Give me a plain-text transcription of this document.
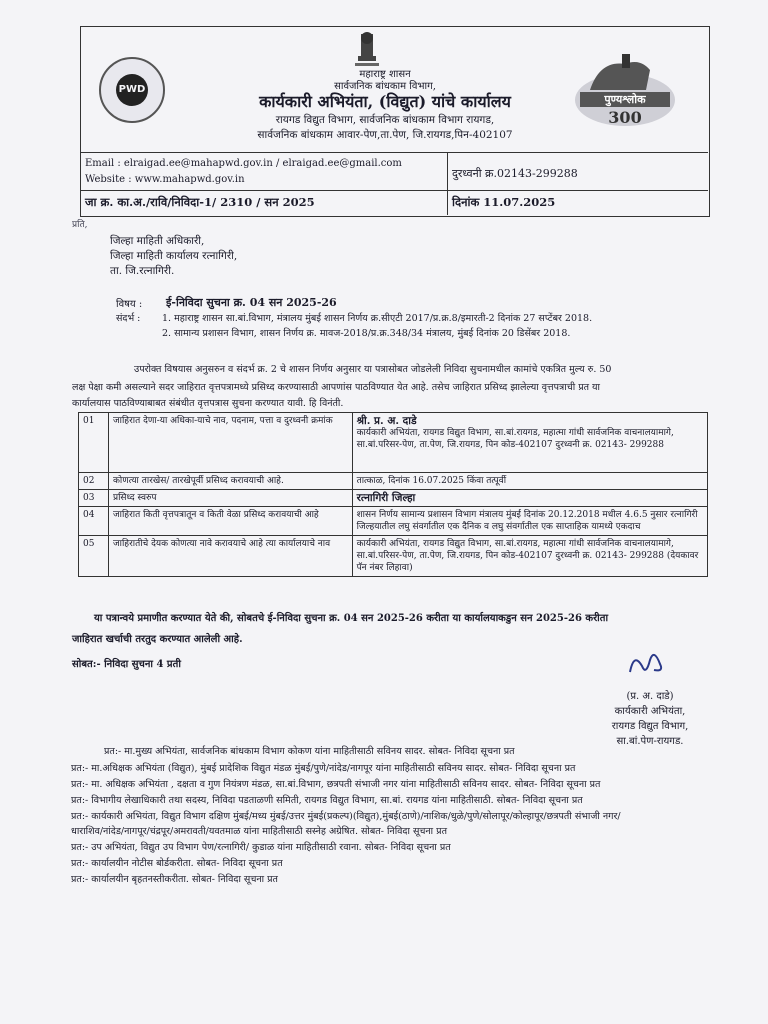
PWD
महाराष्ट्र शासन
सार्वजनिक बांधकाम विभाग,
कार्यकारी अभियंता, (विद्युत) यांचे कार्यालय
रायगड विद्युत विभाग, सार्वजनिक बांधकाम विभाग रायगड,
सार्वजनिक बांधकाम आवार-पेण,ता.पेण, जि.रायगड,पिन-402107
पुण्यश्लोक
300
Email : elraigad.ee@mahapwd.gov.in / elraigad.ee@gmail.com
Website : www.mahapwd.gov.in	दुरध्वनी क्र.02143-299288
जा क्र. का.अ./रावि/निविदा-1/ 2310 / सन 2025	दिनांक 11.07.2025
प्रति,
जिल्हा माहिती अधिकारी,
जिल्हा माहिती कार्यालय रत्नागिरी,
ता. जि.रत्नागिरी.
विषय : ई-निविदा सुचना क्र. 04 सन 2025-26
संदर्भ : 1. महाराष्ट्र शासन सा.बां.विभाग, मंत्रालय मुंबई शासन निर्णय क्र.सीएटी 2017/प्र.क्र.8/इमारती-2 दिनांक 27 सप्टेंबर 2018.
2. सामान्य प्रशासन विभाग, शासन निर्णय क्र. मावज-2018/प्र.क्र.348/34 मंत्रालय, मुंबई दिनांक 20 डिसेंबर 2018.
उपरोक्त विषयास अनुसरुन व संदर्भ क्र. 2 चे शासन निर्णय अनुसार या पत्रासोबत जोडलेली निविदा सुचनामधील कामांचे एकत्रित मुल्य रु. 50
लक्ष पेक्षा कमी असल्याने सदर जाहिरात वृत्तपत्रामध्ये प्रसिध्द करण्यासाठी आपणांस पाठविण्यात येत आहे. तसेच जाहिरात प्रसिध्द झालेल्या वृत्तपत्राची प्रत या
कार्यालयास पाठविण्याबाबत संबंधीत वृत्तपत्रास सुचना करण्यात यावी. हि विनंती.
01	जाहिरात देणा-या अधिका-याचे नाव, पदनाम, पत्ता व दुरध्वनी क्रमांक	श्री. प्र. अ. दाडे
कार्यकारी अभियंता, रायगड विद्युत विभाग, सा.बां.रायगड, महात्मा गांधी सार्वजनिक वाचनालयामागे, सा.बां.परिसर-पेण, ता.पेण, जि.रायगड, पिन कोड-402107 दुरध्वनी क्र. 02143- 299288

02	कोणत्या तारखेस/ तारखेपूर्वी प्रसिध्द करावयाची आहे.	तात्काळ, दिनांक 16.07.2025 किंवा तत्पूर्वी
03	प्रसिध्द स्वरुप	रत्नागिरी जिल्हा
04	जाहिरात किती वृत्तपत्रातून व किती वेळा प्रसिध्द करावयाची आहे	शासन निर्णय सामान्य प्रशासन विभाग मंत्रालय मुंबई दिनांक 20.12.2018 मधील 4.6.5 नुसार रत्नागिरी जिल्हयातील लघु संवर्गातील एक दैनिक व लघु संवर्गातील एक साप्ताहिक यामध्ये एकदाच
05	जाहिरातीचे देयक कोणत्या नावे करावयाचे आहे त्या कार्यालयाचे नाव	कार्यकारी अभियंता, रायगड विद्युत विभाग, सा.बां.रायगड, महात्मा गांधी सार्वजनिक वाचनालयामागे, सा.बां.परिसर-पेण, ता.पेण, जि.रायगड, पिन कोड-402107 दुरध्वनी क्र. 02143- 299288 (देयकावर पॅन नंबर लिहावा)
या पत्रान्वये प्रमाणीत करण्यात येते की, सोबतचे ई-निविदा सुचना क्र. 04 सन 2025-26 करीता या कार्यालयाकडुन सन 2025-26 करीता
जाहिरात खर्चाची तरतुद करण्यात आलेली आहे.
सोबत:- निविदा सुचना 4 प्रती
(प्र. अ. दाडे)
कार्यकारी अभियंता,
रायगड विद्युत विभाग,
सा.बां.पेण-रायगड.
प्रत:- मा.मुख्य अभियंता, सार्वजनिक बांधकाम विभाग कोकण यांना माहितीसाठी सविनय सादर. सोबत- निविदा सूचना प्रत
प्रत:- मा.अधिक्षक अभियंता (विद्युत), मुंबई प्रादेशिक विद्युत मंडळ मुंबई/पुणे/नांदेड/नागपूर यांना माहितीसाठी सविनय सादर. सोबत- निविदा सूचना प्रत
प्रत:- मा. अधिक्षक अभियंता , दक्षता व गुण नियंत्रण मंडळ, सा.बां.विभाग, छत्रपती संभाजी नगर यांना माहितीसाठी सविनय सादर. सोबत- निविदा सूचना प्रत
प्रत:- विभागीय लेखाधिकारी तथा सदस्य, निविदा पडताळणी समिती, रायगड विद्युत विभाग, सा.बां. रायगड यांना माहितीसाठी. सोबत- निविदा सूचना प्रत
प्रत:- कार्यकारी अभियंता, विद्युत विभाग दक्षिण मुंबई/मध्य मुंबई/उत्तर मुंबई(प्रकल्प)(विद्युत),मुंबई(ठाणे)/नाशिक/धुळे/पुणे/सोलापूर/कोल्हापूर/छत्रपती संभाजी नगर/
धाराशिव/नांदेड/नागपूर/चंद्रपूर/अमरावती/यवतमाळ यांना माहितीसाठी सस्नेह अग्रेषित. सोबत- निविदा सूचना प्रत
प्रत:- उप अभियंता, विद्युत उप विभाग पेण/रत्नागिरी/ कुडाळ यांना माहितीसाठी रवाना. सोबत- निविदा सूचना प्रत
प्रत:- कार्यालयीन नोटीस बोर्डकरीता. सोबत- निविदा सूचना प्रत
प्रत:- कार्यालयीन बृहतनस्तीकरीता. सोबत- निविदा सूचना प्रत
